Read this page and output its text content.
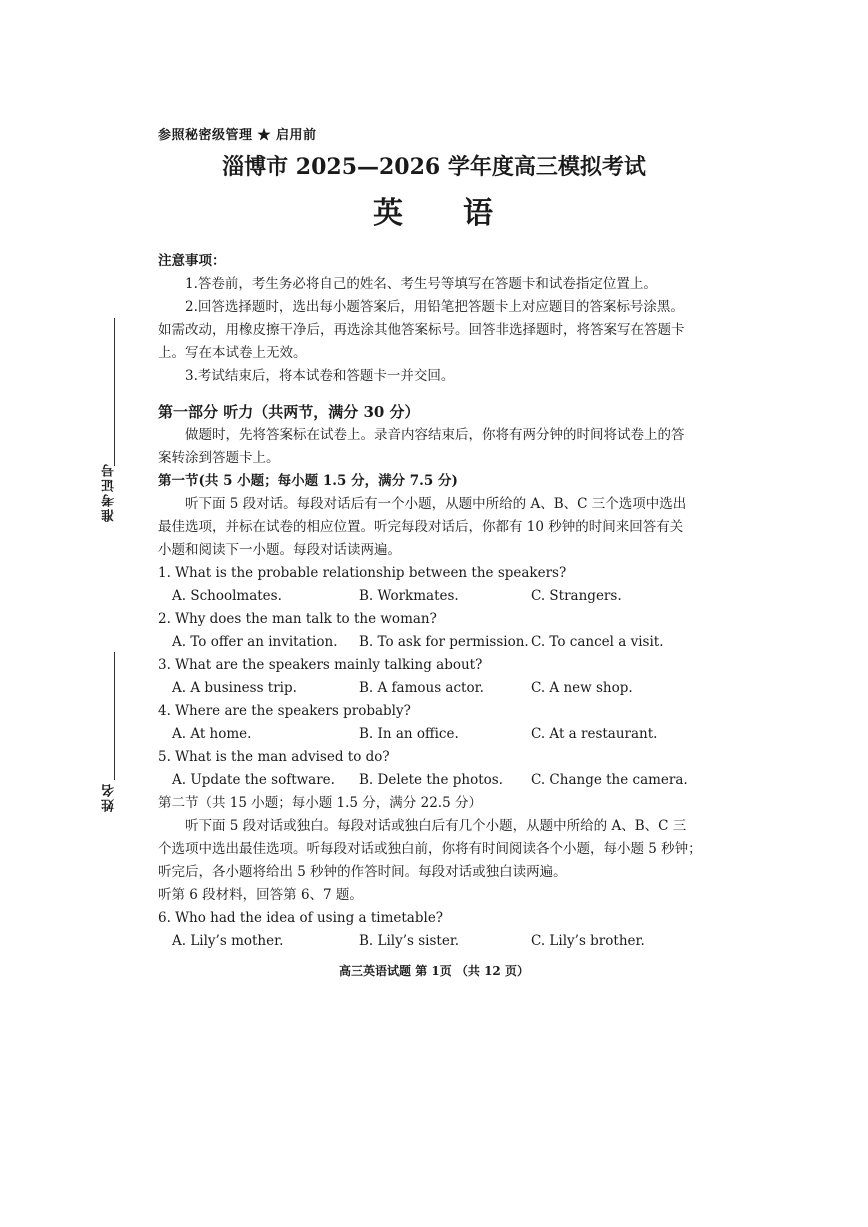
准考证号
姓名
参照秘密级管理 ★ 启用前
淄博市 2025—2026 学年度高三模拟考试
英 语

注意事项：

1.答卷前，考生务必将自己的姓名、考生号等填写在答题卡和试卷指定位置上。

2.回答选择题时，选出每小题答案后，用铅笔把答题卡上对应题目的答案标号涂黑。

如需改动，用橡皮擦干净后，再选涂其他答案标号。回答非选择题时，将答案写在答题卡

上。写在本试卷上无效。

3.考试结束后，将本试卷和答题卡一并交回。

第一部分 听力（共两节，满分 30 分）

做题时，先将答案标在试卷上。录音内容结束后，你将有两分钟的时间将试卷上的答

案转涂到答题卡上。

第一节(共 5 小题；每小题 1.5 分，满分 7.5 分)

听下面 5 段对话。每段对话后有一个小题，从题中所给的 A、B、C 三个选项中选出

最佳选项，并标在试卷的相应位置。听完每段对话后，你都有 10 秒钟的时间来回答有关

小题和阅读下一小题。每段对话读两遍。

1. What is the probable relationship between the speakers?

A. Schoolmates.	B. Workmates.	C. Strangers.

2. Why does the man talk to the woman?

A. To offer an invitation.	B. To ask for permission. C. To cancel a visit.

3. What are the speakers mainly talking about?

A. A business trip.	B. A famous actor.	C. A new shop.

4. Where are the speakers probably?

A. At home.	B. In an office.	C. At a restaurant.

5. What is the man advised to do?

A. Update the software.	B. Delete the photos.	C. Change the camera.

第二节（共 15 小题；每小题 1.5 分，满分 22.5 分）

听下面 5 段对话或独白。每段对话或独白后有几个小题，从题中所给的 A、B、C 三

个选项中选出最佳选项。听每段对话或独白前，你将有时间阅读各个小题，每小题 5 秒钟；

听完后，各小题将给出 5 秒钟的作答时间。每段对话或独白读两遍。

听第 6 段材料，回答第 6、7 题。

6. Who had the idea of using a timetable?

A. Lily’s mother.	B. Lily’s sister.	C. Lily’s brother.
高三英语试题 第 1页 （共 12 页）
